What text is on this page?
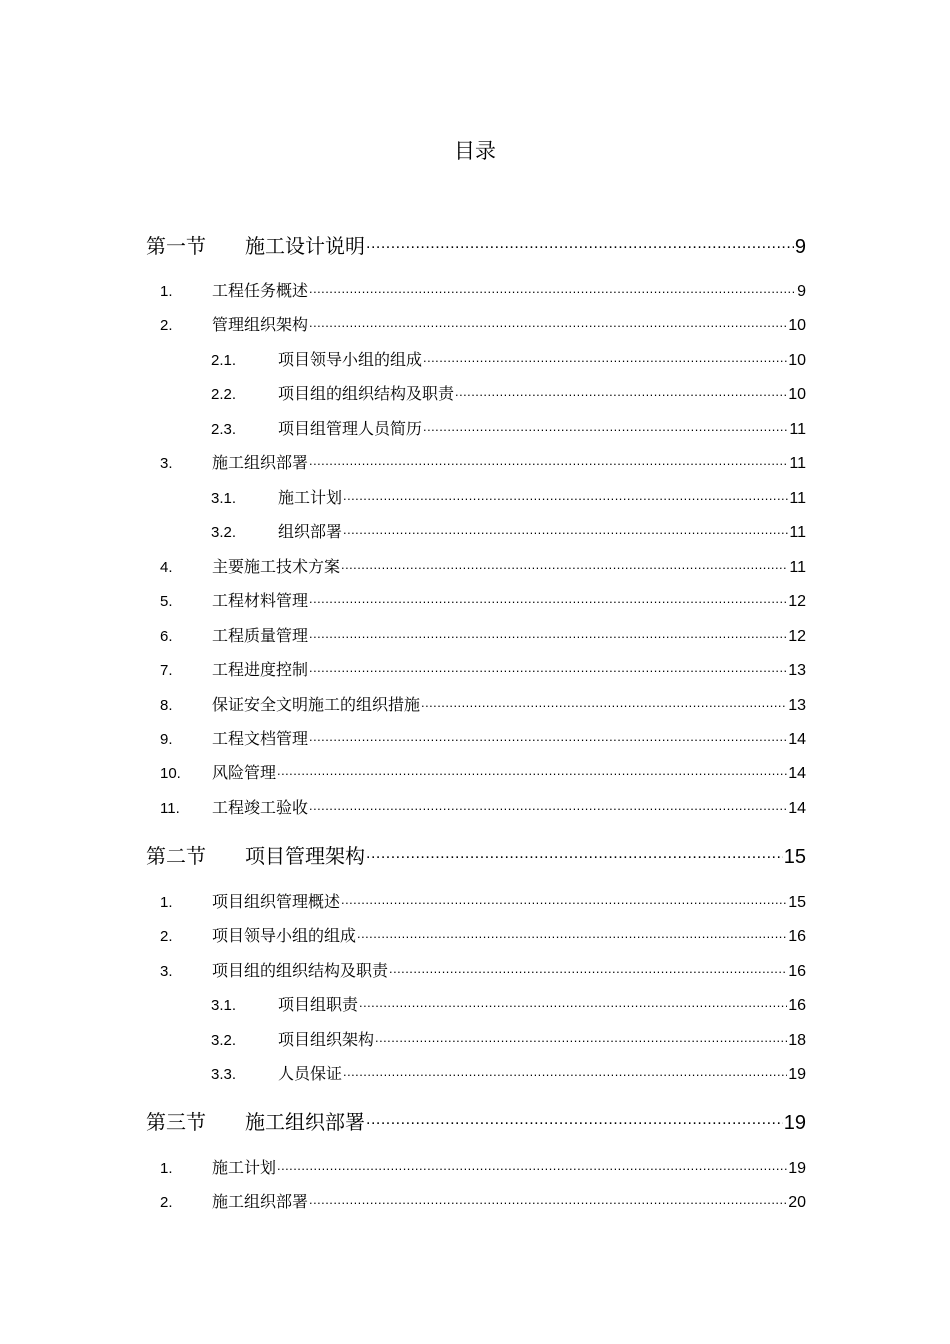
目录
第一节	施工设计说明 .....	9
1.	工程任务概述 .....	9
2.	管理组织架构 .....	10
2.1.	项目领导小组的组成 .....	10
2.2.	项目组的组织结构及职责 .....	10
2.3.	项目组管理人员简历 .....	11
3.	施工组织部署 .....	11
3.1.	施工计划 .....	11
3.2.	组织部署 .....	11
4.	主要施工技术方案 .....	11
5.	工程材料管理 .....	12
6.	工程质量管理 .....	12
7.	工程进度控制 .....	13
8.	保证安全文明施工的组织措施 .....	13
9.	工程文档管理 .....	14
10.	风险管理 .....	14
11.	工程竣工验收 .....	14
第二节	项目管理架构 .....	15
1.	项目组织管理概述 .....	15
2.	项目领导小组的组成 .....	16
3.	项目组的组织结构及职责 .....	16
3.1.	项目组职责 .....	16
3.2.	项目组织架构 .....	18
3.3.	人员保证 .....	19
第三节	施工组织部署 .....	19
1.	施工计划 .....	19
2.	施工组织部署 .....	20
